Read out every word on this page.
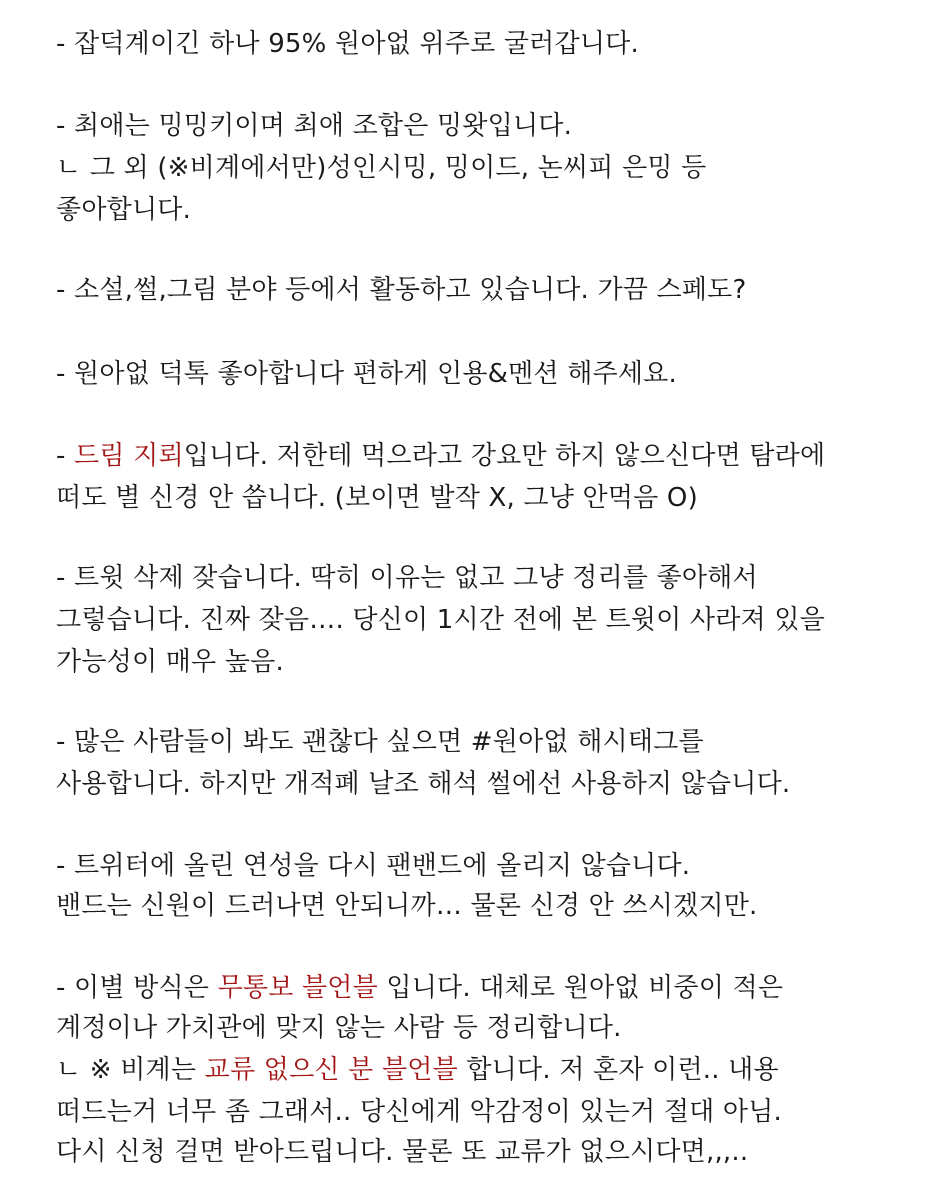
- 잡덕계이긴 하나 95% 원아없 위주로 굴러갑니다.
- 최애는 밍밍키이며 최애 조합은 밍왓입니다.
ㄴ 그 외 (※비계에서만)성인시밍, 밍이드, 논씨피 은밍 등
좋아합니다.
- 소설,썰,그림 분야 등에서 활동하고 있습니다. 가끔 스페도?
- 원아없 덕톡 좋아합니다 편하게 인용&멘션 해주세요.
- 드림 지뢰입니다. 저한테 먹으라고 강요만 하지 않으신다면 탐라에
떠도 별 신경 안 씁니다. (보이면 발작 X, 그냥 안먹음 O)
- 트윗 삭제 잦습니다. 딱히 이유는 없고 그냥 정리를 좋아해서
그렇습니다. 진짜 잦음…. 당신이 1시간 전에 본 트윗이 사라져 있을
가능성이 매우 높음.
- 많은 사람들이 봐도 괜찮다 싶으면 #원아없 해시태그를
사용합니다. 하지만 개적폐 날조 해석 썰에선 사용하지 않습니다.
- 트위터에 올린 연성을 다시 팬밴드에 올리지 않습니다.
밴드는 신원이 드러나면 안되니까… 물론 신경 안 쓰시겠지만.
- 이별 방식은 무통보 블언블 입니다. 대체로 원아없 비중이 적은
계정이나 가치관에 맞지 않는 사람 등 정리합니다.
ㄴ ※ 비계는 교류 없으신 분 블언블 합니다. 저 혼자 이런.. 내용
떠드는거 너무 좀 그래서.. 당신에게 악감정이 있는거 절대 아님.
다시 신청 걸면 받아드립니다. 물론 또 교류가 없으시다면,,,..
